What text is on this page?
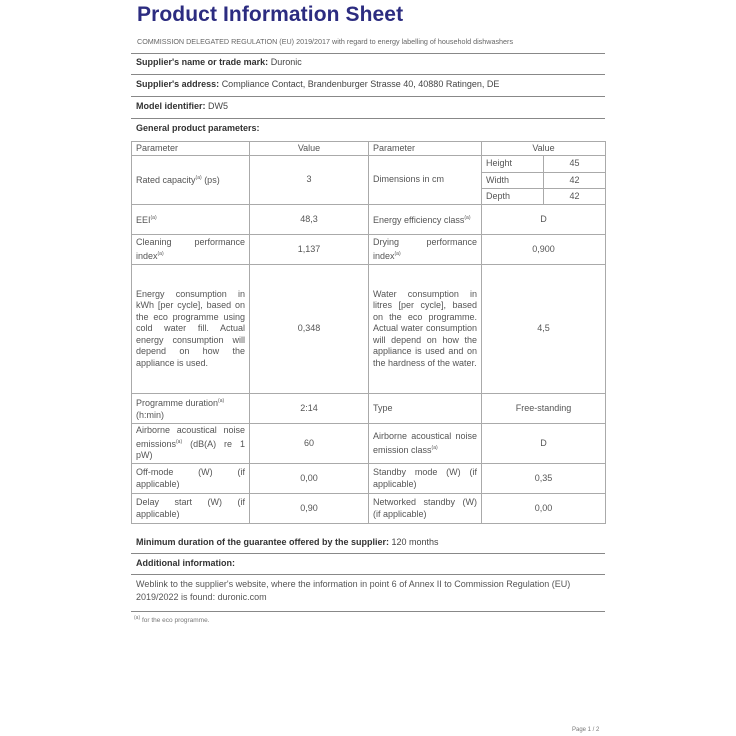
Product Information Sheet
COMMISSION DELEGATED REGULATION (EU) 2019/2017 with regard to energy labelling of household dishwashers
Supplier's name or trade mark: Duronic
Supplier's address: Compliance Contact, Brandenburger Strasse 40, 40880 Ratingen, DE
Model identifier: DW5
General product parameters:
Parameter	Value	Parameter	Value	
Rated capacity$^{(a)}$ (ps)	3	Dimensions in cm	Height	45
			Width	42
			Depth	42
EEI$^{(a)}$	48,3	Energy efficiency class$^{(a)}$	D	
Cleaning performance index$^{(a)}$	1,137	Drying performance index$^{(a)}$	0,900	
Energy consumption in kWh [per cycle], based on the eco programme using cold water fill. Actual energy consumption will depend on how the appliance is used.	0,348	Water consumption in litres [per cycle], based on the eco programme. Actual water consumption will depend on how the appliance is used and on the hardness of the water.	4,5	
Programme duration$^{(a)}$ (h:min)	2:14	Type	Free-standing	
Airborne acoustical noise emissions$^{(a)}$ (dB(A) re 1 pW)	60	Airborne acoustical noise emission class$^{(a)}$	D	
Off-mode (W) (if applicable)	0,00	Standby mode (W) (if applicable)	0,35	
Delay start (W) (if applicable)	0,90	Networked standby (W) (if applicable)	0,00	
Minimum duration of the guarantee offered by the supplier: 120 months
Additional information:
Weblink to the supplier's website, where the information in point 6 of Annex II to Commission Regulation (EU) 2019/2022 is found: duronic.com
$^{(a)}$ for the eco programme.
Page 1 / 2
